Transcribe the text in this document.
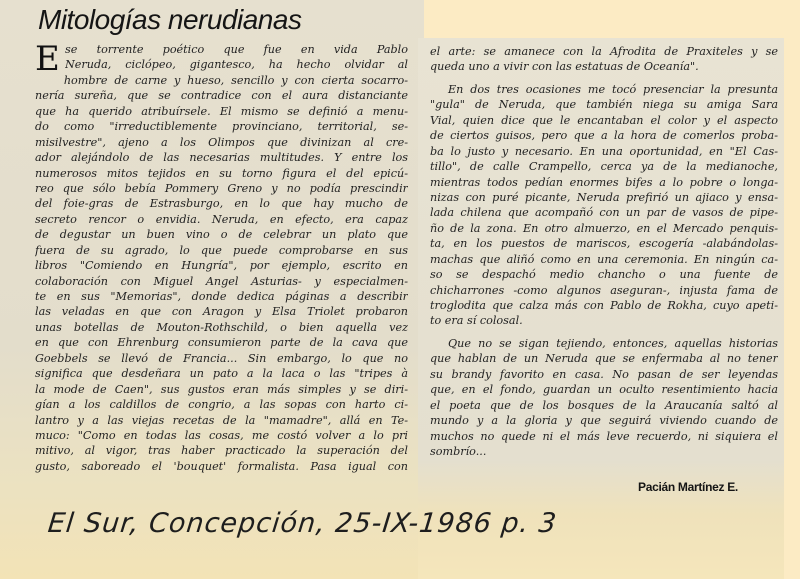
Mitologías nerudianas
E se torrente poético que fue en vida Pablo
Neruda, ciclópeo, gigantesco, ha hecho olvidar al
hombre de carne y hueso, sencillo y con cierta socarro-
nería sureña, que se contradice con el aura distanciante
que ha querido atribuírsele. El mismo se definió a menu-
do como "irreductiblemente provinciano, territorial, se-
misilvestre", ajeno a los Olimpos que divinizan al cre-
ador alejándolo de las necesarias multitudes. Y entre los
numerosos mitos tejidos en su torno figura el del epicú-
reo que sólo bebía Pommery Greno y no podía prescindir
del foie-gras de Estrasburgo, en lo que hay mucho de
secreto rencor o envidia. Neruda, en efecto, era capaz
de degustar un buen vino o de celebrar un plato que
fuera de su agrado, lo que puede comprobarse en sus
libros "Comiendo en Hungría", por ejemplo, escrito en
colaboración con Miguel Angel Asturias- y especialmen-
te en sus "Memorias", donde dedica páginas a describir
las veladas en que con Aragon y Elsa Triolet probaron
unas botellas de Mouton-Rothschild, o bien aquella vez
en que con Ehrenburg consumieron parte de la cava que
Goebbels se llevó de Francia... Sin embargo, lo que no
significa que desdeñara un pato a la laca o las "tripes à
la mode de Caen", sus gustos eran más simples y se diri-
gían a los caldillos de congrio, a las sopas con harto ci-
lantro y a las viejas recetas de la "mamadre", allá en Te-
muco: "Como en todas las cosas, me costó volver a lo pri
mitivo, al vigor, tras haber practicado la superación del
gusto, saboreado el 'bouquet' formalista. Pasa igual con
el arte: se amanece con la Afrodita de Praxiteles y se
queda uno a vivir con las estatuas de Oceanía".
En dos tres ocasiones me tocó presenciar la presunta
"gula" de Neruda, que también niega su amiga Sara
Vial, quien dice que le encantaban el color y el aspecto
de ciertos guisos, pero que a la hora de comerlos proba-
ba lo justo y necesario. En una oportunidad, en "El Cas-
tillo", de calle Crampello, cerca ya de la medianoche,
mientras todos pedían enormes bifes a lo pobre o longa-
nizas con puré picante, Neruda prefirió un ajiaco y ensa-
lada chilena que acompañó con un par de vasos de pipe-
ño de la zona. En otro almuerzo, en el Mercado penquis-
ta, en los puestos de mariscos, escogería -alabándolas-
machas que aliñó como en una ceremonia. En ningún ca-
so se despachó medio chancho o una fuente de
chicharrones -como algunos aseguran-, injusta fama de
troglodita que calza más con Pablo de Rokha, cuyo apeti-
to era sí colosal.
Que no se sigan tejiendo, entonces, aquellas historias
que hablan de un Neruda que se enfermaba al no tener
su brandy favorito en casa. No pasan de ser leyendas
que, en el fondo, guardan un oculto resentimiento hacia
el poeta que de los bosques de la Araucanía saltó al
mundo y a la gloria y que seguirá viviendo cuando de
muchos no quede ni el más leve recuerdo, ni siquiera el
sombrío...
Pacián Martínez E.
El Sur, Concepción, 25-IX-1986 p. 3
